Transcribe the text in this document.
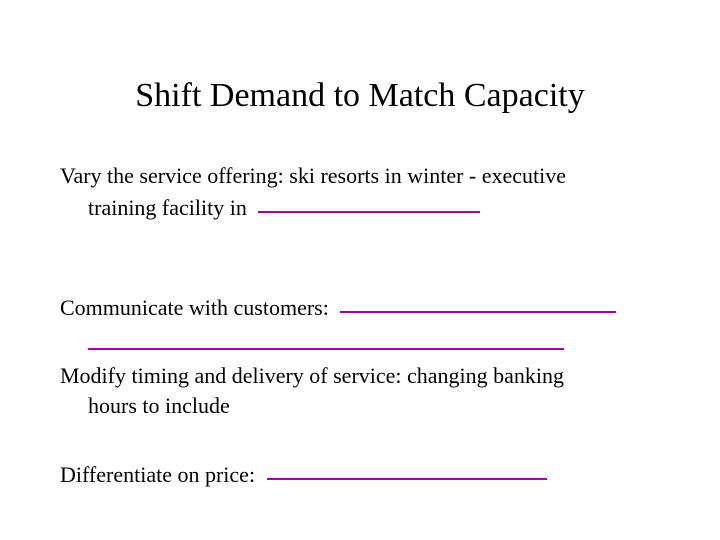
Shift Demand to Match Capacity
Vary the service offering: ski resorts in winter - executive
training facility in
Communicate with customers:
Modify timing and delivery of service: changing banking
hours to include
Differentiate on price:
